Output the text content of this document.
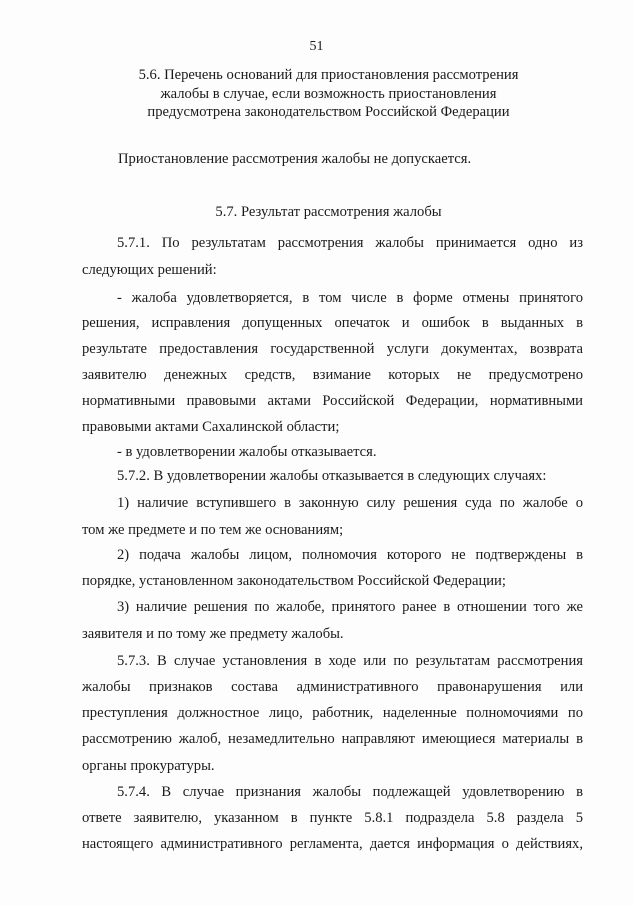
51
5.6. Перечень оснований для приостановления рассмотрения
жалобы в случае, если возможность приостановления
предусмотрена законодательством Российской Федерации
Приостановление рассмотрения жалобы не допускается.
5.7. Результат рассмотрения жалобы
5.7.1. По результатам рассмотрения жалобы принимается одно из
следующих решений:
- жалоба удовлетворяется, в том числе в форме отмены принятого
решения, исправления допущенных опечаток и ошибок в выданных в
результате предоставления государственной услуги документах, возврата
заявителю денежных средств, взимание которых не предусмотрено
нормативными правовыми актами Российской Федерации, нормативными
правовыми актами Сахалинской области;
- в удовлетворении жалобы отказывается.
5.7.2. В удовлетворении жалобы отказывается в следующих случаях:
1) наличие вступившего в законную силу решения суда по жалобе о
том же предмете и по тем же основаниям;
2) подача жалобы лицом, полномочия которого не подтверждены в
порядке, установленном законодательством Российской Федерации;
3) наличие решения по жалобе, принятого ранее в отношении того же
заявителя и по тому же предмету жалобы.
5.7.3. В случае установления в ходе или по результатам рассмотрения
жалобы признаков состава административного правонарушения или
преступления должностное лицо, работник, наделенные полномочиями по
рассмотрению жалоб, незамедлительно направляют имеющиеся материалы в
органы прокуратуры.
5.7.4. В случае признания жалобы подлежащей удовлетворению в
ответе заявителю, указанном в пункте 5.8.1 подраздела 5.8 раздела 5
настоящего административного регламента, дается информация о действиях,
